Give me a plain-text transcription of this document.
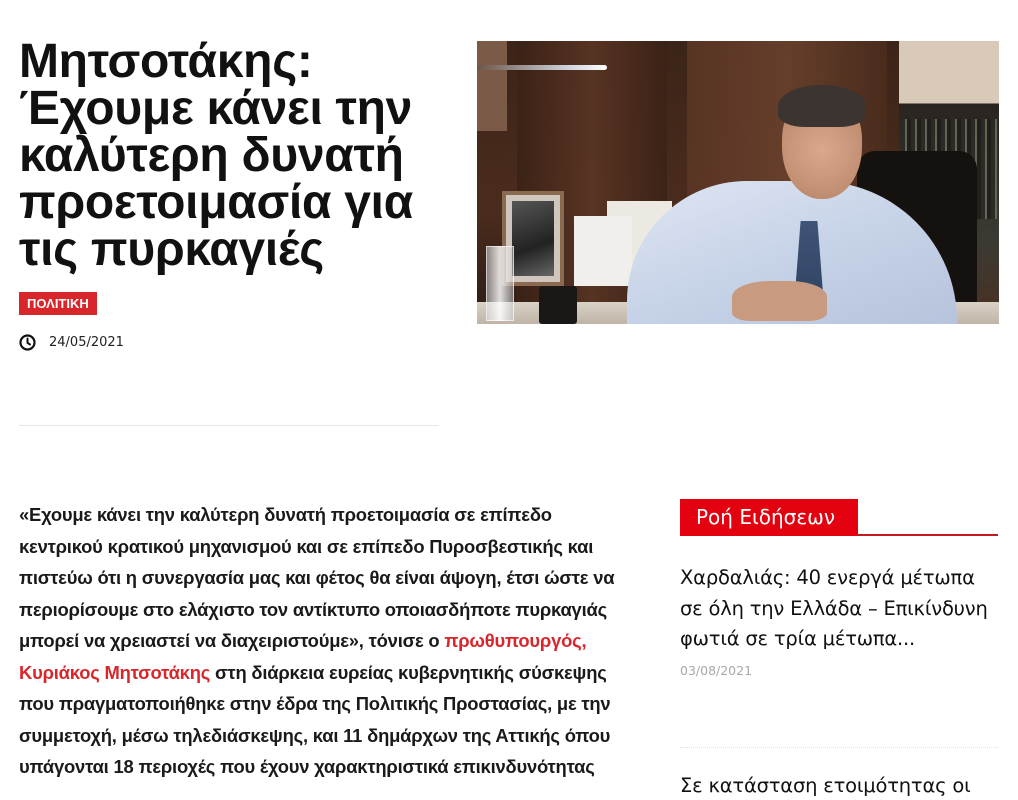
Μητσοτάκης: Έχουμε κάνει την καλύτερη δυνατή προετοιμασία για τις πυρκαγιές
ΠΟΛΙΤΙΚΗ
24/05/2021
«Εχουμε κάνει την καλύτερη δυνατή προετοιμασία σε επίπεδο
κεντρικού κρατικού μηχανισμού και σε επίπεδο Πυροσβεστικής και
πιστεύω ότι η συνεργασία μας και φέτος θα είναι άψογη, έτσι ώστε να
περιορίσουμε στο ελάχιστο τον αντίκτυπο οποιασδήποτε πυρκαγιάς
μπορεί να χρειαστεί να διαχειριστούμε», τόνισε ο πρωθυπουργός,
Κυριάκος Μητσοτάκης στη διάρκεια ευρείας κυβερνητικής σύσκεψης
που πραγματοποιήθηκε στην έδρα της Πολιτικής Προστασίας, με την
συμμετοχή, μέσω τηλεδιάσκεψης, και 11 δημάρχων της Αττικής όπου
υπάγονται 18 περιοχές που έχουν χαρακτηριστικά επικινδυνότητας
Ροή Ειδήσεων
Χαρδαλιάς: 40 ενεργά μέτωπα σε όλη την Ελλάδα – Επικίνδυνη φωτιά σε τρία μέτωπα...
03/08/2021
Σε κατάσταση ετοιμότητας οι
